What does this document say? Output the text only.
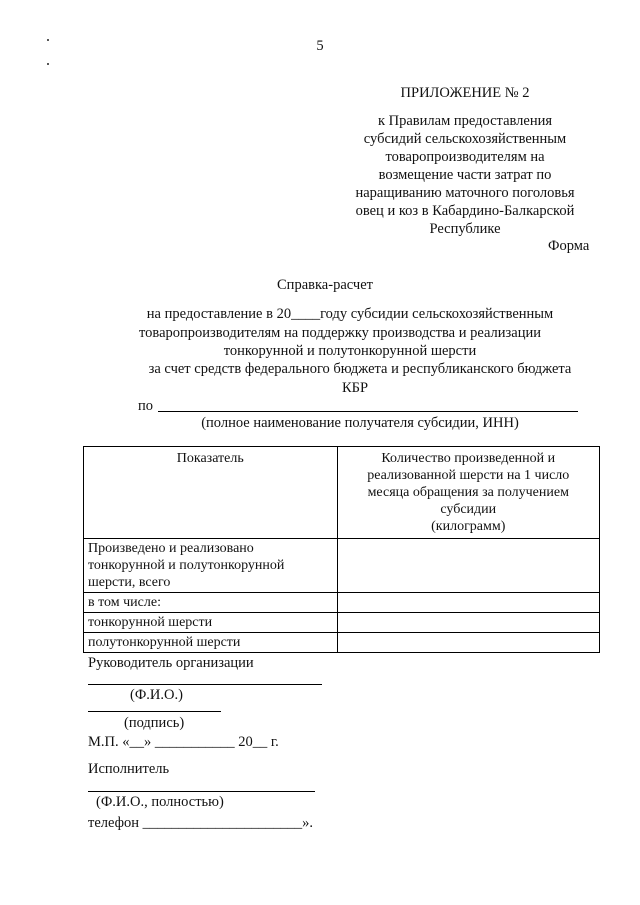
5
ПРИЛОЖЕНИЕ № 2
к Правилам предоставления
субсидий сельскохозяйственным
товаропроизводителям на
возмещение части затрат по
наращиванию маточного поголовья
овец и коз в Кабардино-Балкарской
Республике
Форма
Справка-расчет
на предоставление в 20____году субсидии сельскохозяйственным
товаропроизводителям на поддержку производства и реализации
тонкорунной и полутонкорунной шерсти
за счет средств федерального бюджета и республиканского бюджета
КБР
по
(полное наименование получателя субсидии, ИНН)
Показатель	Количество произведенной и
реализованной шерсти на 1 число
месяца обращения за получением
субсидии
(килограмм)
Произведено и реализовано
тонкорунной и полутонкорунной
шерсти, всего	
в том числе:	
тонкорунной шерсти	
полутонкорунной шерсти	
Руководитель организации
(Ф.И.О.)
(подпись)
М.П. «__» ___________ 20__ г.
Исполнитель
(Ф.И.О., полностью)
телефон ______________________».
